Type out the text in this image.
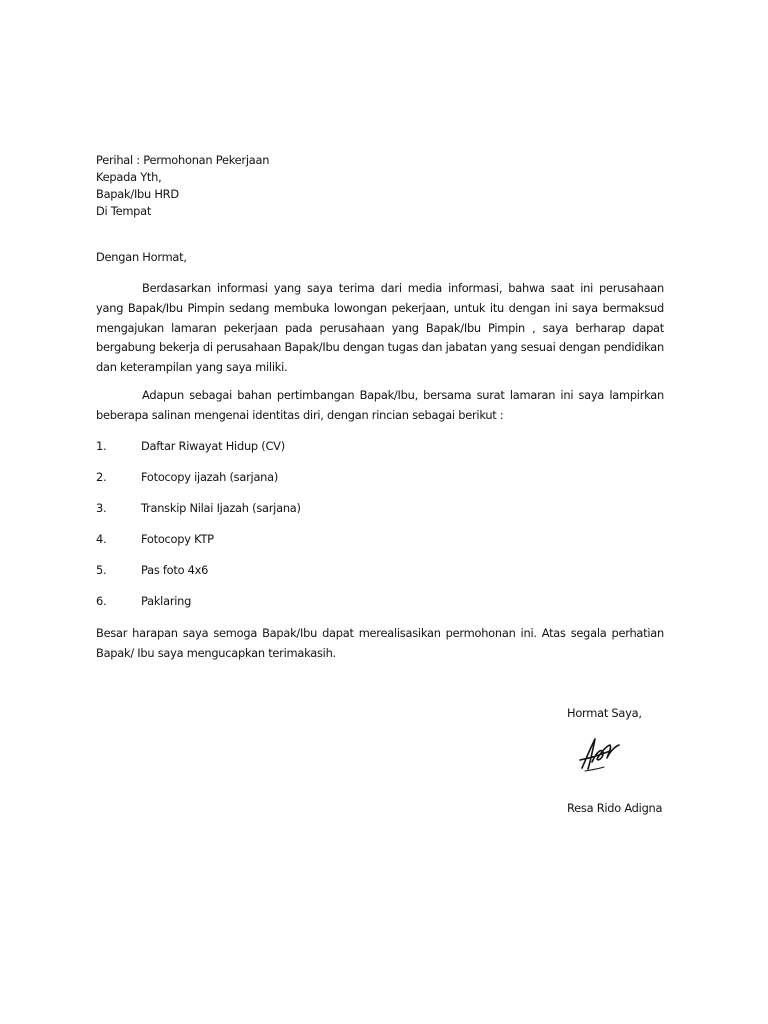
Perihal : Permohonan Pekerjaan
Kepada Yth,
Bapak/Ibu HRD
Di Tempat
Dengan Hormat,
Berdasarkan informasi yang saya terima dari media informasi, bahwa saat ini perusahaan yang Bapak/Ibu Pimpin sedang membuka lowongan pekerjaan, untuk itu dengan ini saya bermaksud mengajukan lamaran pekerjaan pada perusahaan yang Bapak/Ibu Pimpin , saya berharap dapat bergabung bekerja di perusahaan Bapak/Ibu dengan tugas dan jabatan yang sesuai dengan pendidikan dan keterampilan yang saya miliki.
Adapun sebagai bahan pertimbangan Bapak/Ibu, bersama surat lamaran ini saya lampirkan beberapa salinan mengenai identitas diri, dengan rincian sebagai berikut :
1.	Daftar Riwayat Hidup (CV)
2.	Fotocopy ijazah (sarjana)
3.	Transkip Nilai Ijazah (sarjana)
4.	Fotocopy KTP
5.	Pas foto 4x6
6.	Paklaring
Besar harapan saya semoga Bapak/Ibu dapat merealisasikan permohonan ini. Atas segala perhatian Bapak/ Ibu saya mengucapkan terimakasih.
Hormat Saya,
Resa Rido Adigna
